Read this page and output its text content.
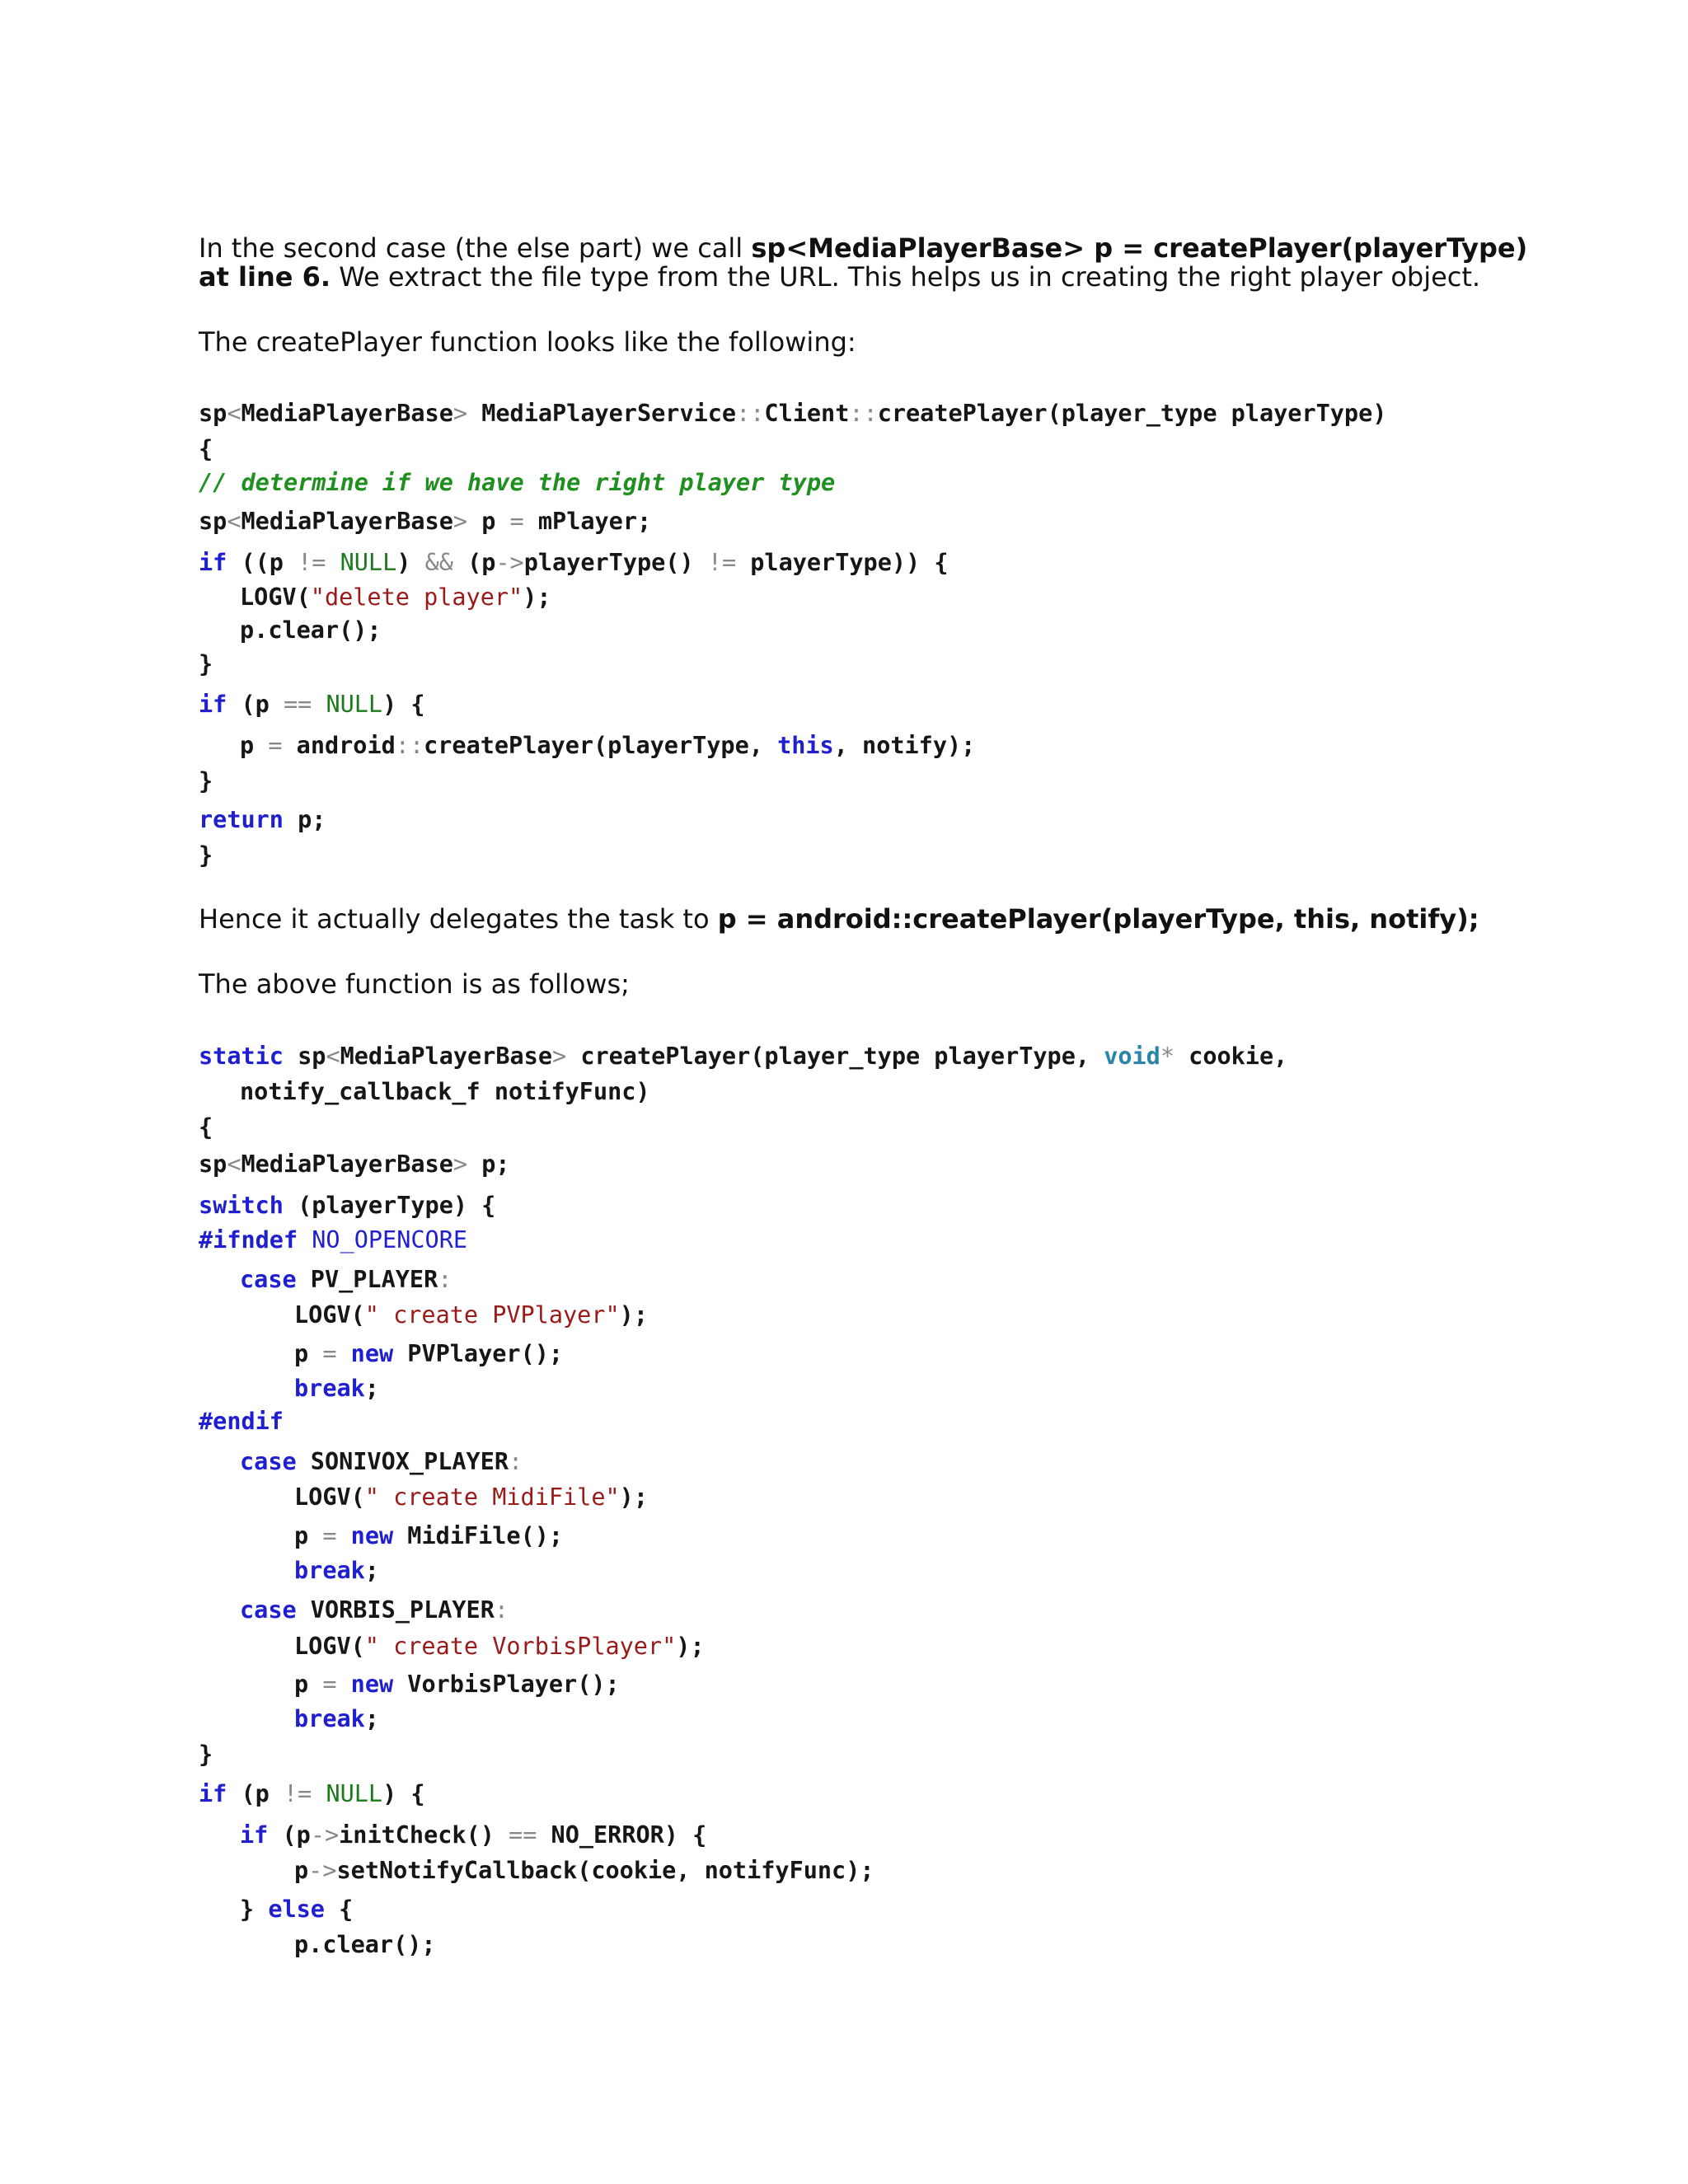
In the second case (the else part) we call sp<MediaPlayerBase> p = createPlayer(playerType) at line 6. We extract the file type from the URL. This helps us in creating the right player object.

The createPlayer function looks like the following:

sp<MediaPlayerBase> MediaPlayerService::Client::createPlayer(player_type playerType)

{

// determine if we have the right player type

sp<MediaPlayerBase> p = mPlayer;

if ((p != NULL) && (p->playerType() != playerType)) {

LOGV("delete player");

p.clear();

}

if (p == NULL) {

p = android::createPlayer(playerType, this, notify);

}

return p;

}

Hence it actually delegates the task to p = android::createPlayer(playerType, this, notify);

The above function is as follows;

static sp<MediaPlayerBase> createPlayer(player_type playerType, void* cookie,

notify_callback_f notifyFunc)

{

sp<MediaPlayerBase> p;

switch (playerType) {

#ifndef NO_OPENCORE

case PV_PLAYER:

LOGV(" create PVPlayer");

p = new PVPlayer();

break;

#endif

case SONIVOX_PLAYER:

LOGV(" create MidiFile");

p = new MidiFile();

break;

case VORBIS_PLAYER:

LOGV(" create VorbisPlayer");

p = new VorbisPlayer();

break;

}

if (p != NULL) {

if (p->initCheck() == NO_ERROR) {

p->setNotifyCallback(cookie, notifyFunc);

} else {

p.clear();
